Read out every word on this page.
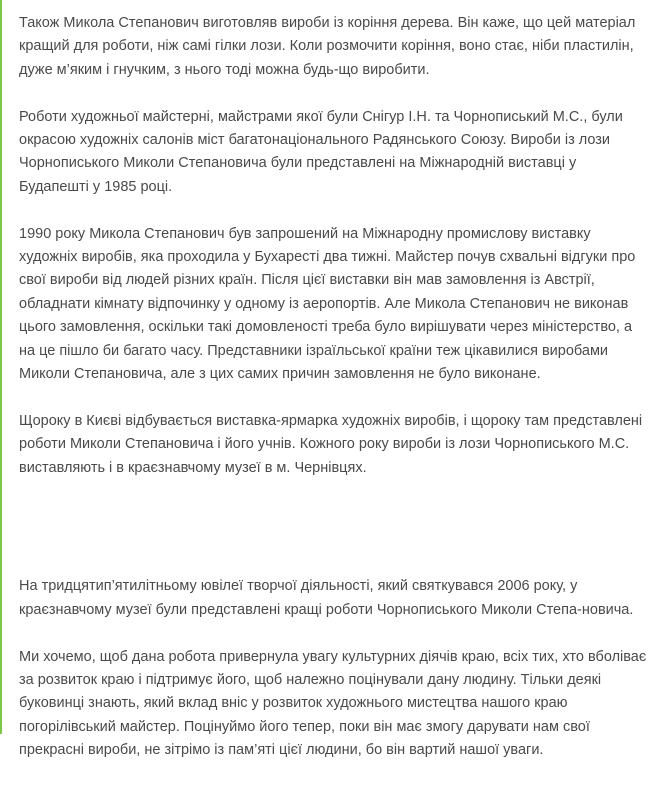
Також Микола Степанович виготовляв вироби із коріння дерева. Він каже, що цей матеріал кращий для роботи, ніж самі гілки лози. Коли розмочити коріння, воно стає, ніби пластилін, дуже м’яким і гнучким, з нього тоді можна будь-що виробити.

Роботи художньої майстерні, майстрами якої були Снігур І.Н. та Чорнописький М.С., були окрасою художніх салонів міст багатонаціонального Радянського Союзу. Вироби із лози Чорнописького Миколи Степановича були представлені на Міжнародній виставці у Будапешті у 1985 році.

1990 року Микола Степанович був запрошений на Міжнародну промислову виставку художніх виробів, яка проходила у Бухаресті два тижні. Майстер почув схвальні відгуки про свої вироби від людей різних країн. Після цієї виставки він мав замовлення із Австрії, обладнати кімнату відпочинку у одному із аеропортів. Але Микола Степанович не виконав цього замовлення, оскільки такі домовленості треба було вирішувати через міністерство, а на це пішло би багато часу. Представники ізраїльської країни теж цікавилися виробами Миколи Степановича, але з цих самих причин замовлення не було виконане.

Щороку в Києві відбувається виставка-ярмарка художніх виробів, і щороку там представлені роботи Миколи Степановича і його учнів. Кожного року вироби із лози Чорнописького М.С. виставляють і в краєзнавчому музеї в м. Чернівцях.

На тридцятип’ятилітньому ювілеї творчої діяльності, який святкувався 2006 року, у краєзнавчому музеї були представлені кращі роботи Чорнописького Миколи Степа-новича.

Ми хочемо, щоб дана робота привернула увагу культурних діячів краю, всіх тих, хто вболіває за розвиток краю і підтримує його, щоб належно поцінували дану людину. Тільки деякі буковинці знають, який вклад вніс у розвиток художнього мистецтва нашого краю погорілівський майстер. Поцінуймо його тепер, поки він має змогу дарувати нам свої прекрасні вироби, не зітрімо із пам’яті цієї людини, бо він вартий нашої уваги.
